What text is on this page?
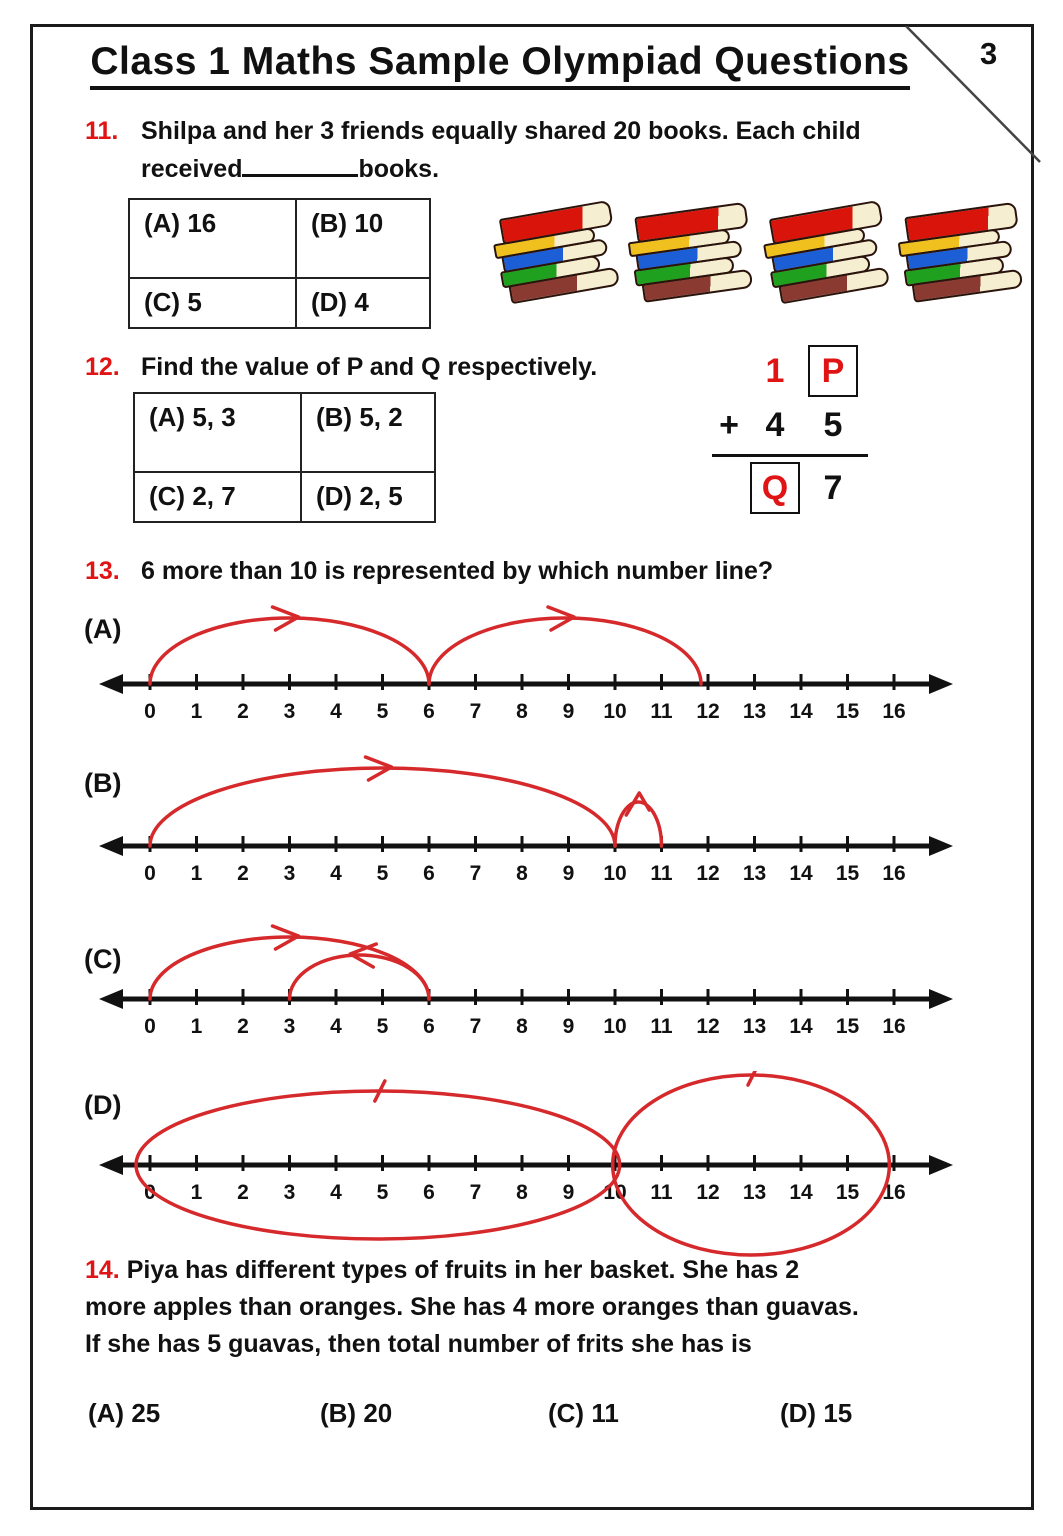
3
Class 1 Maths Sample Olympiad Questions
11. Shilpa and her 3 friends equally shared 20 books. Each child
received	books.
(A) 16	(B) 10
(C) 5	(D) 4
12. Find the value of P and Q respectively.
(A) 5, 3	(B) 5, 2
(C) 2, 7	(D) 2, 5
1	P
+ 4	5
Q	7
13. 6 more than 10 is represented by which number line?
(A)
0 1 2 3 4 5 6 7 8 9 10 11 12 13 14 15 16
(B)
0 1 2 3 4 5 6 7 8 9 10 11 12 13 14 15 16
(C)
0 1 2 3 4 5 6 7 8 9 10 11 12 13 14 15 16
(D)
0 1 2 3 4 5 6 7 8 9 10 11 12 13 14 15 16
14. Piya has different types of fruits in her basket. She has 2
more apples than oranges. She has 4 more oranges than guavas.
If she has 5 guavas, then total number of frits she has is
(A) 25	(B) 20	(C) 11	(D) 15
